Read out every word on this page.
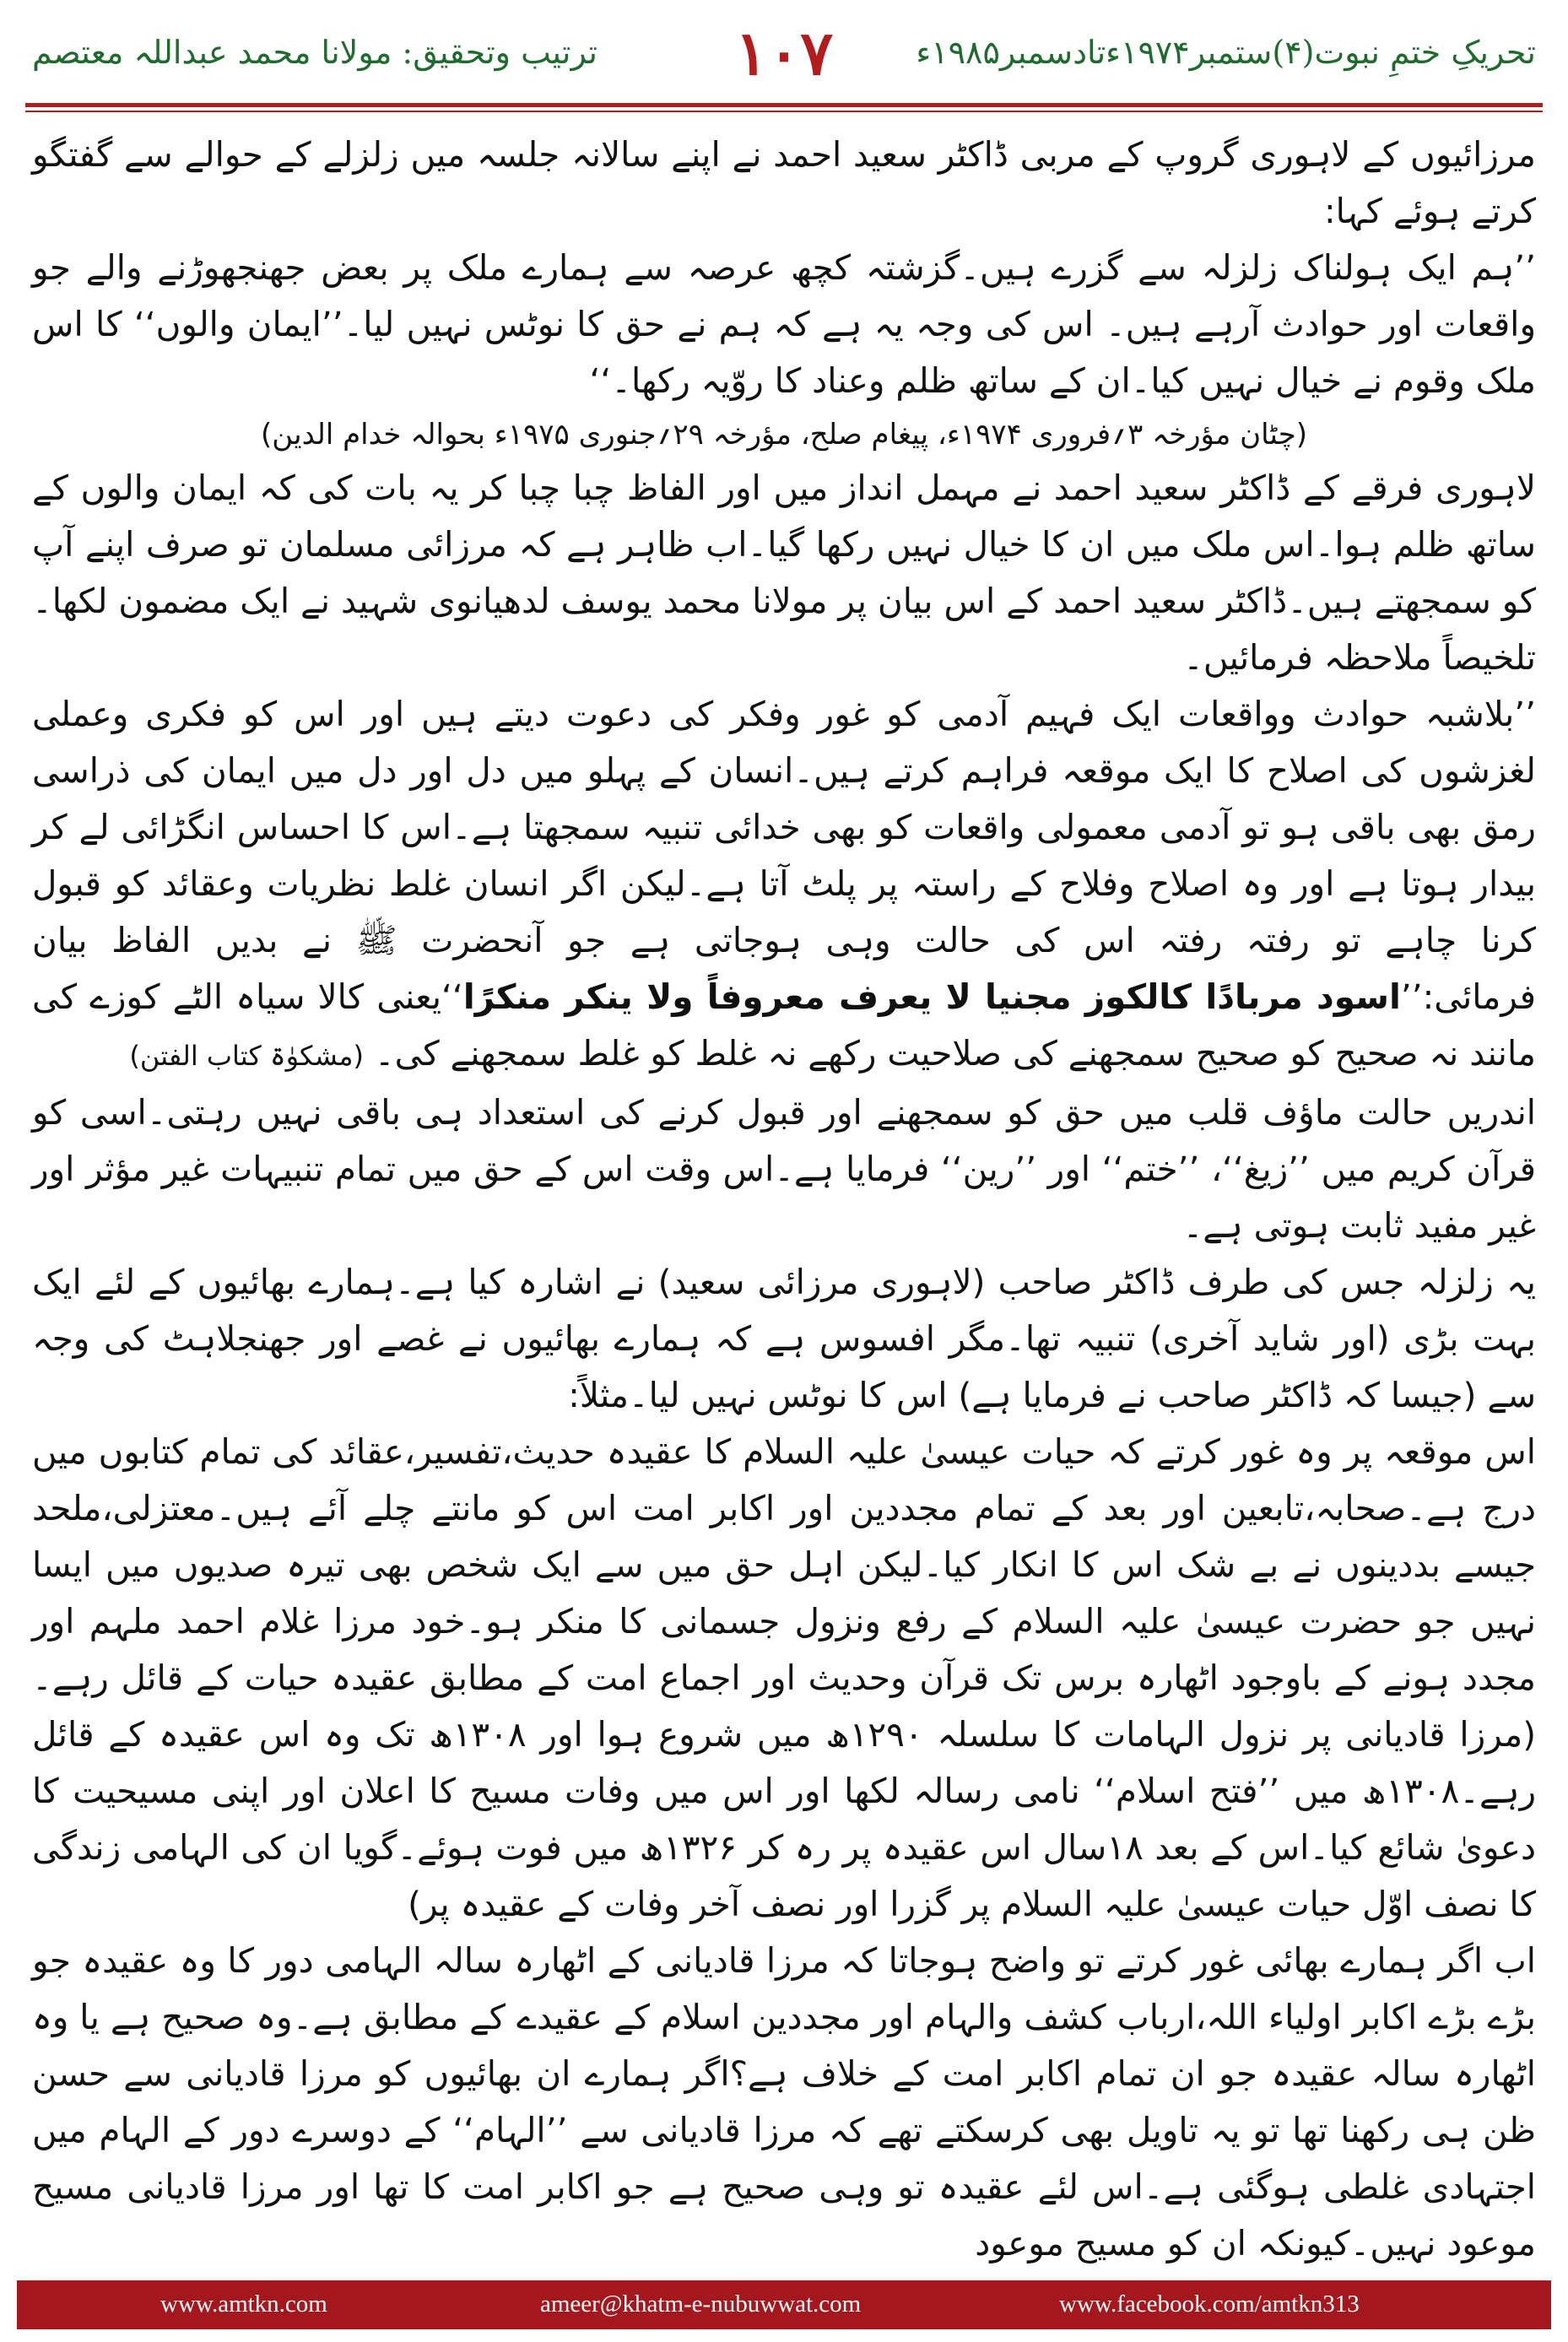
تحریکِ ختمِ نبوت(۴)ستمبر۱۹۷۴ءتادسمبر۱۹۸۵ء
۱۰۷
ترتیب وتحقیق: مولانا محمد عبداللہ معتصم

مرزائیوں کے لاہوری گروپ کے مربی ڈاکٹر سعید احمد نے اپنے سالانہ جلسہ میں زلزلے کے حوالے سے گفتگو کرتے ہوئے کہا:

’’ہم ایک ہولناک زلزلہ سے گزرے ہیں۔گزشتہ کچھ عرصہ سے ہمارے ملک پر بعض جھنجھوڑنے والے جو واقعات اور حوادث آرہے ہیں۔ اس کی وجہ یہ ہے کہ ہم نے حق کا نوٹس نہیں لیا۔’’ایمان والوں‘‘ کا اس ملک وقوم نے خیال نہیں کیا۔ان کے ساتھ ظلم وعناد کا روّیہ رکھا۔‘‘

(چٹان مؤرخہ ۳؍فروری ۱۹۷۴ء، پیغام صلح، مؤرخہ ۲۹؍جنوری ۱۹۷۵ء بحوالہ خدام الدین)

لاہوری فرقے کے ڈاکٹر سعید احمد نے مہمل انداز میں اور الفاظ چبا چبا کر یہ بات کی کہ ایمان والوں کے ساتھ ظلم ہوا۔اس ملک میں ان کا خیال نہیں رکھا گیا۔اب ظاہر ہے کہ مرزائی مسلمان تو صرف اپنے آپ کو سمجھتے ہیں۔ڈاکٹر سعید احمد کے اس بیان پر مولانا محمد یوسف لدھیانوی شہید نے ایک مضمون لکھا۔تلخیصاً ملاحظہ فرمائیں۔

’’بلاشبہ حوادث وواقعات ایک فہیم آدمی کو غور وفکر کی دعوت دیتے ہیں اور اس کو فکری وعملی لغزشوں کی اصلاح کا ایک موقعہ فراہم کرتے ہیں۔انسان کے پہلو میں دل اور دل میں ایمان کی ذراسی رمق بھی باقی ہو تو آدمی معمولی واقعات کو بھی خدائی تنبیہ سمجھتا ہے۔اس کا احساس انگڑائی لے کر بیدار ہوتا ہے اور وہ اصلاح وفلاح کے راستہ پر پلٹ آتا ہے۔لیکن اگر انسان غلط نظریات وعقائد کو قبول کرنا چاہے تو رفتہ رفتہ اس کی حالت وہی ہوجاتی ہے جو آنحضرت ﷺ نے بدیں الفاظ بیان فرمائی:’’اسود مربادًا کالکوز مجنیا لا یعرف معروفاً ولا ینکر منکرًا‘‘یعنی کالا سیاہ الٹے کوزے کی مانند نہ صحیح کو صحیح سمجھنے کی صلاحیت رکھے نہ غلط کو غلط سمجھنے کی۔ (مشکوٰۃ کتاب الفتن)

اندریں حالت ماؤف قلب میں حق کو سمجھنے اور قبول کرنے کی استعداد ہی باقی نہیں رہتی۔اسی کو قرآن کریم میں ’’زیغ‘‘، ’’ختم‘‘ اور ’’رین‘‘ فرمایا ہے۔اس وقت اس کے حق میں تمام تنبیہات غیر مؤثر اور غیر مفید ثابت ہوتی ہے۔

یہ زلزلہ جس کی طرف ڈاکٹر صاحب (لاہوری مرزائی سعید) نے اشارہ کیا ہے۔ہمارے بھائیوں کے لئے ایک بہت بڑی (اور شاید آخری) تنبیہ تھا۔مگر افسوس ہے کہ ہمارے بھائیوں نے غصے اور جھنجلاہٹ کی وجہ سے (جیسا کہ ڈاکٹر صاحب نے فرمایا ہے) اس کا نوٹس نہیں لیا۔مثلاً:

اس موقعہ پر وہ غور کرتے کہ حیات عیسیٰ علیہ السلام کا عقیدہ حدیث،تفسیر،عقائد کی تمام کتابوں میں درج ہے۔صحابہ،تابعین اور بعد کے تمام مجددین اور اکابر امت اس کو مانتے چلے آئے ہیں۔معتزلی،ملحد جیسے بددینوں نے بے شک اس کا انکار کیا۔لیکن اہل حق میں سے ایک شخص بھی تیرہ صدیوں میں ایسا نہیں جو حضرت عیسیٰ علیہ السلام کے رفع ونزول جسمانی کا منکر ہو۔خود مرزا غلام احمد ملہم اور مجدد ہونے کے باوجود اٹھارہ برس تک قرآن وحدیث اور اجماع امت کے مطابق عقیدہ حیات کے قائل رہے۔(مرزا قادیانی پر نزول الہامات کا سلسلہ ۱۲۹۰ھ میں شروع ہوا اور ۱۳۰۸ھ تک وہ اس عقیدہ کے قائل رہے۔۱۳۰۸ھ میں ’’فتح اسلام‘‘ نامی رسالہ لکھا اور اس میں وفات مسیح کا اعلان اور اپنی مسیحیت کا دعویٰ شائع کیا۔اس کے بعد ۱۸سال اس عقیدہ پر رہ کر ۱۳۲۶ھ میں فوت ہوئے۔گویا ان کی الہامی زندگی کا نصف اوّل حیات عیسیٰ علیہ السلام پر گزرا اور نصف آخر وفات کے عقیدہ پر)

اب اگر ہمارے بھائی غور کرتے تو واضح ہوجاتا کہ مرزا قادیانی کے اٹھارہ سالہ الہامی دور کا وہ عقیدہ جو بڑے بڑے اکابر اولیاء اللہ،ارباب کشف والہام اور مجددین اسلام کے عقیدے کے مطابق ہے۔وہ صحیح ہے یا وہ اٹھارہ سالہ عقیدہ جو ان تمام اکابر امت کے خلاف ہے؟اگر ہمارے ان بھائیوں کو مرزا قادیانی سے حسن ظن ہی رکھنا تھا تو یہ تاویل بھی کرسکتے تھے کہ مرزا قادیانی سے ’’الہام‘‘ کے دوسرے دور کے الہام میں اجتہادی غلطی ہوگئی ہے۔اس لئے عقیدہ تو وہی صحیح ہے جو اکابر امت کا تھا اور مرزا قادیانی مسیح موعود نہیں۔کیونکہ ان کو مسیح موعود

www.amtkn.com	ameer@khatm-e-nubuwwat.com	www.facebook.com/amtkn313
